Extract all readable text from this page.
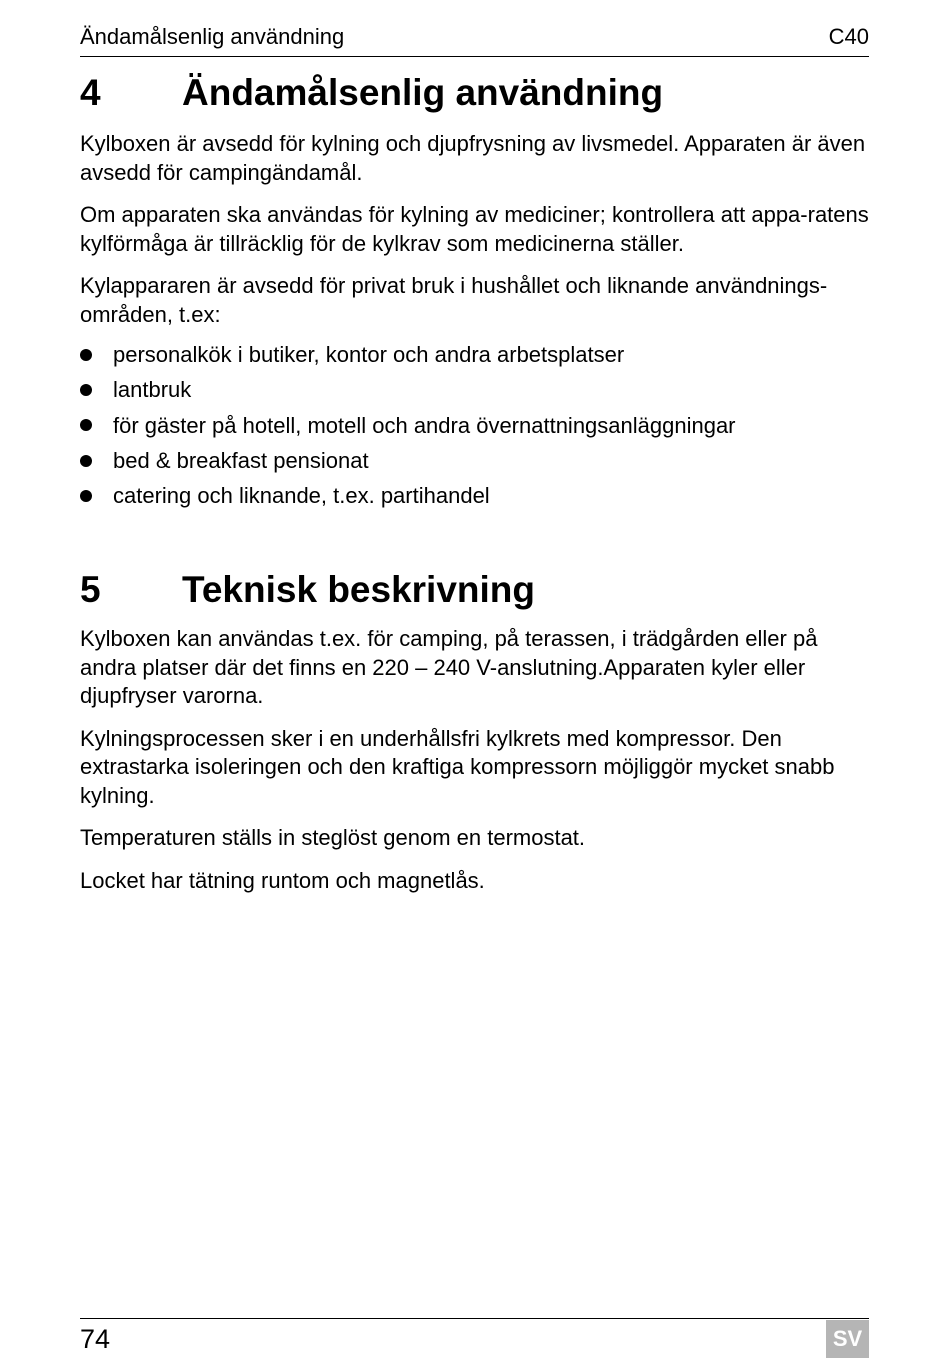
Ändamålsenlig användning	C40
4	Ändamålsenlig användning

Kylboxen är avsedd för kylning och djupfrysning av livsmedel. Apparaten är även avsedd för campingändamål.

Om apparaten ska användas för kylning av mediciner; kontrollera att appa-ratens kylförmåga är tillräcklig för de kylkrav som medicinerna ställer.

Kylappararen är avsedd för privat bruk i hushållet och liknande användnings-områden, t.ex:

personalkök i butiker, kontor och andra arbetsplatser
lantbruk
för gäster på hotell, motell och andra övernattningsanläggningar
bed & breakfast pensionat
catering och liknande, t.ex. partihandel
5	Teknisk beskrivning

Kylboxen kan användas t.ex. för camping, på terassen, i trädgården eller på andra platser där det finns en 220 – 240 V-anslutning.Apparaten kyler eller djupfryser varorna.

Kylningsprocessen sker i en underhållsfri kylkrets med kompressor. Den extrastarka isoleringen och den kraftiga kompressorn möjliggör mycket snabb kylning.

Temperaturen ställs in steglöst genom en termostat.

Locket har tätning runtom och magnetlås.

74	SV
